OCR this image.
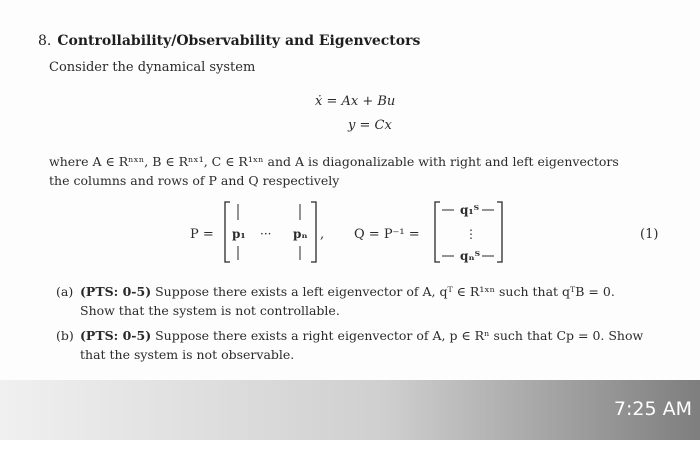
8. Controllability/Observability and Eigenvectors
Consider the dynamical system
ẋ = Ax + Bu
y = Cx
where A ∈ Rⁿˣⁿ, B ∈ Rⁿˣ¹, C ∈ R¹ˣⁿ and A is diagonalizable with right and left eigenvectors
the columns and rows of P and Q respectively
P = p₁ ··· pₙ , Q = P⁻¹ =
q₁ᵀ
⋮
qₙᵀ
(1)
(a) (PTS: 0-5) Suppose there exists a left eigenvector of A, qᵀ ∈ R¹ˣⁿ such that qᵀB = 0.
Show that the system is not controllable.
(b) (PTS: 0-5) Suppose there exists a right eigenvector of A, p ∈ Rⁿ such that Cp = 0. Show
that the system is not observable.
7:25 AM
